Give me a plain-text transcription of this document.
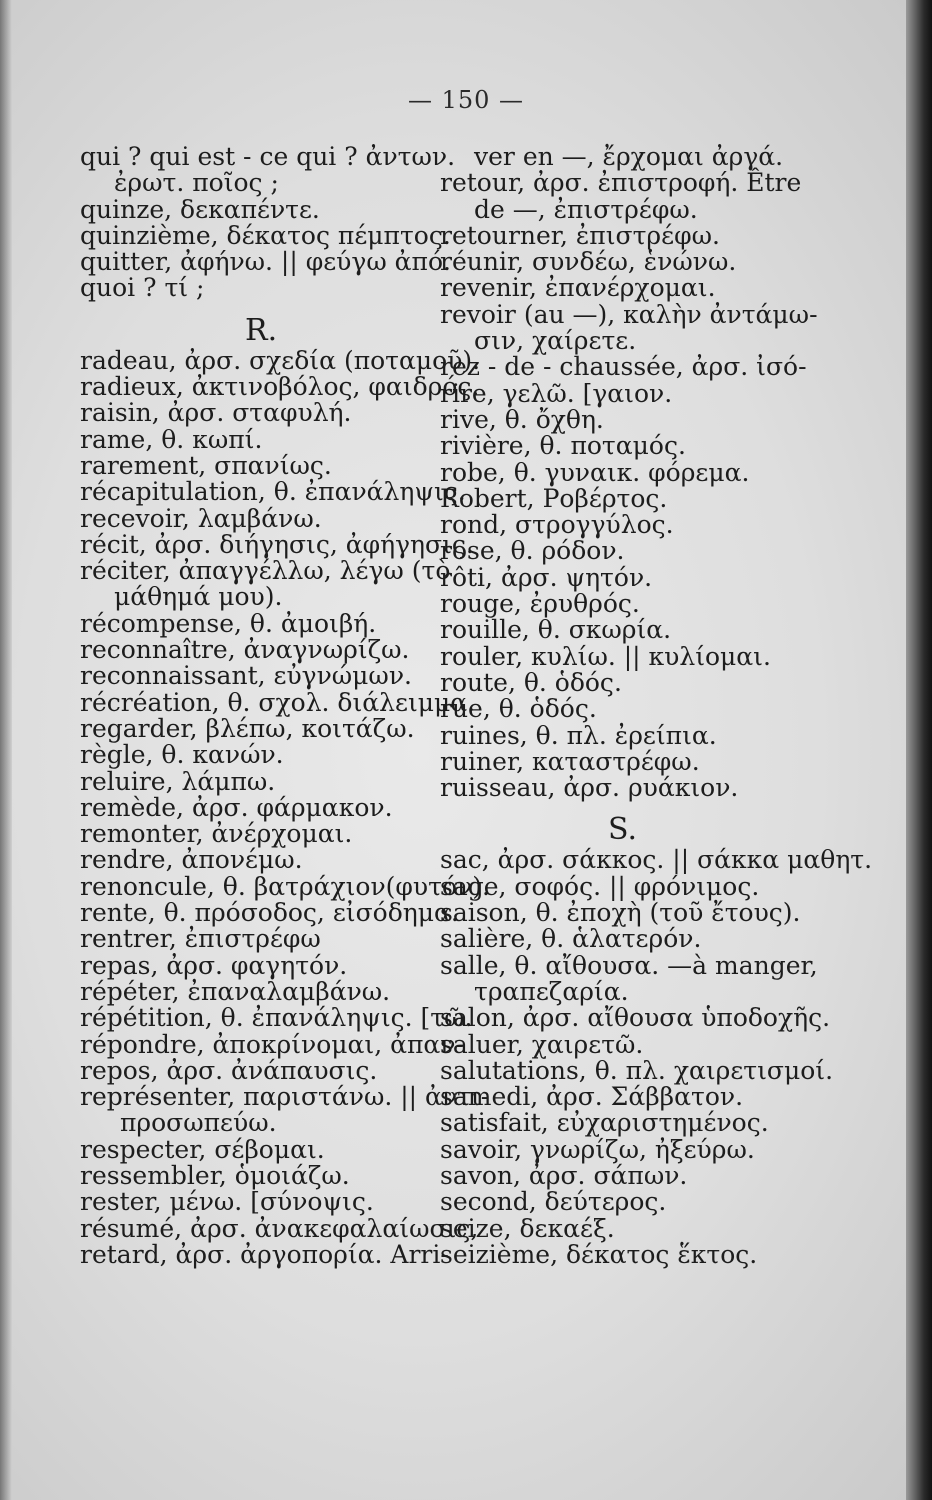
— 150 —
qui ? qui est - ce qui ? ἀντων.
ἐρωτ. ποῖος ;
quinze, δεκαπέντε.
quinzième, δέκατος πέμπτος.
quitter, ἀφήνω. || φεύγω ἀπό.
quoi ? τί ;
R.
radeau, ἀρσ. σχεδία (ποταμοῦ).
radieux, ἀκτινοβόλος, φαιδρός.
raisin, ἀρσ. σταφυλή.
rame, θ. κωπί.
rarement, σπανίως.
récapitulation, θ. ἐπανάληψις.
recevoir, λαμβάνω.
récit, ἀρσ. διήγησις, ἀφήγησις.
réciter, ἀπαγγέλλω, λέγω (τὸ
μάθημά μου).
récompense, θ. ἀμοιβή.
reconnaître, ἀναγνωρίζω.
reconnaissant, εὐγνώμων.
récréation, θ. σχολ. διάλειμμα.
regarder, βλέπω, κοιτάζω.
règle, θ. κανών.
reluire, λάμπω.
remède, ἀρσ. φάρμακον.
remonter, ἀνέρχομαι.
rendre, ἀπονέμω.
renoncule, θ. βατράχιον(φυτόν).
rente, θ. πρόσοδος, εἰσόδημα.
rentrer, ἐπιστρέφω
repas, ἀρσ. φαγητόν.
répéter, ἐπαναλαμβάνω.
répétition, θ. ἐπανάληψις. [τῶ.
répondre, ἀποκρίνομαι, ἀπαν-
repos, ἀρσ. ἀνάπαυσις.
représenter, παριστάνω. || ἀντι-
προσωπεύω.
respecter, σέβομαι.
ressembler, ὁμοιάζω.
rester, μένω. [σύνοψις.
résumé, ἀρσ. ἀνακεφαλαίωσις,
retard, ἀρσ. ἀργοπορία. Arri-
ver en —, ἔρχομαι ἀργά.
retour, ἀρσ. ἐπιστροφή. Être
de —, ἐπιστρέφω.
retourner, ἐπιστρέφω.
réunir, συνδέω, ἑνώνω.
revenir, ἐπανέρχομαι.
revoir (au —), καλὴν ἀντάμω-
σιν, χαίρετε.
rez - de - chaussée, ἀρσ. ἰσό-
rire, γελῶ. [γαιον.
rive, θ. ὄχθη.
rivière, θ. ποταμός.
robe, θ. γυναικ. φόρεμα.
Robert, Ροβέρτος.
rond, στρογγύλος.
rose, θ. ρόδον.
rôti, ἀρσ. ψητόν.
rouge, ἐρυθρός.
rouille, θ. σκωρία.
rouler, κυλίω. || κυλίομαι.
route, θ. ὁδός.
rue, θ. ὁδός.
ruines, θ. πλ. ἐρείπια.
ruiner, καταστρέφω.
ruisseau, ἀρσ. ρυάκιον.
S.
sac, ἀρσ. σάκκος. || σάκκα μαθητ.
sage, σοφός. || φρόνιμος.
saison, θ. ἐποχὴ (τοῦ ἔτους).
salière, θ. ἁλατερόν.
salle, θ. αἴθουσα. —à manger,
τραπεζαρία.
salon, ἀρσ. αἴθουσα ὑποδοχῆς.
saluer, χαιρετῶ.
salutations, θ. πλ. χαιρετισμοί.
samedi, ἀρσ. Σάββατον.
satisfait, εὐχαριστημένος.
savoir, γνωρίζω, ἠξεύρω.
savon, ἀρσ. σάπων.
second, δεύτερος.
seize, δεκαέξ.
seizième, δέκατος ἕκτος.
